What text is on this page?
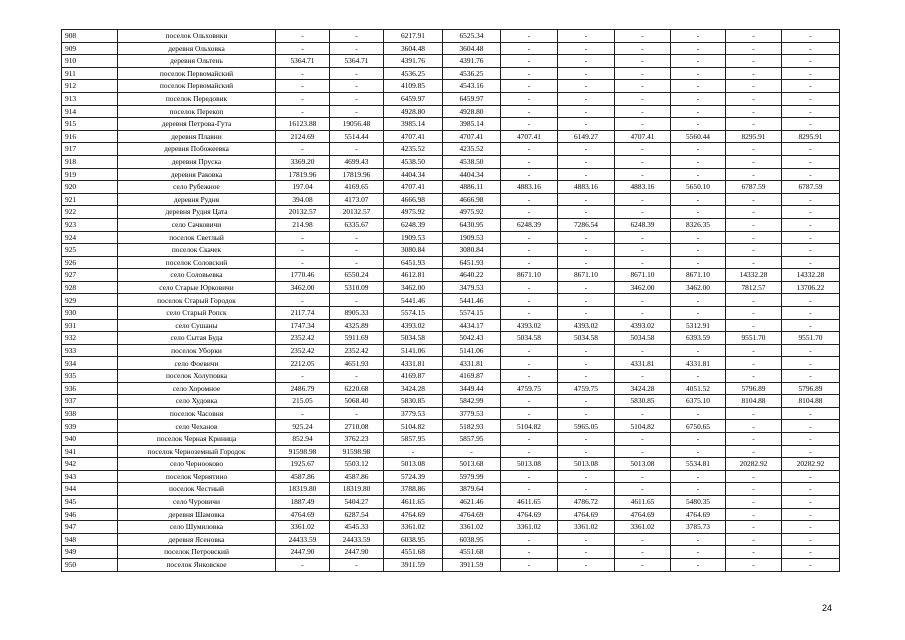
908	поселок Ольховики	-	-	6217.91	6525.34	-	-	-	-	-	-
909	деревня Ольховка	-	-	3604.48	3604.48	-	-	-	-	-	-
910	деревня Ольтень	5364.71	5364.71	4391.76	4391.76	-	-	-	-	-	-
911	поселок Первомайский	-	-	4536.25	4536.25	-	-	-	-	-	-
912	поселок Первомайский	-	-	4109.85	4543.16	-	-	-	-	-	-
913	поселок Передовик	-	-	6459.97	6459.97	-	-	-	-	-	-
914	поселок Перекоп	-	-	4928.80	4928.80	-	-	-	-	-	-
915	деревня Петрова-Гута	16123.88	19056.48	3985.14	3985.14	-	-	-	-	-	-
916	деревня Плавни	2124.69	5514.44	4707.41	4707.41	4707.41	6149.27	4707.41	5560.44	8295.91	8295.91
917	деревня Побожеевка	-	-	4235.52	4235.52	-	-	-	-	-	-
918	деревня Пруска	3369.20	4699.43	4538.50	4538.50	-	-	-	-	-	-
919	деревня Раковка	17819.96	17819.96	4404.34	4404.34	-	-	-	-	-	-
920	село Рубежное	197.04	4169.65	4707.41	4886.11	4883.16	4883.16	4883.16	5650.10	6787.59	6787.59
921	деревня Рудня	394.08	4173.07	4666.98	4666.98	-	-	-	-	-	-
922	деревня Рудня Цата	20132.57	20132.57	4975.92	4975.92	-	-	-	-	-	-
923	село Сачковичи	214.98	6335.67	6248.39	6430.95	6248.39	7286.54	6248.39	8326.35	-	-
924	поселок Светлый	-	-	1909.53	1909.53	-	-	-	-	-	-
925	поселок Скачек	-	-	3080.84	3080.84	-	-	-	-	-	-
926	поселок Соловский	-	-	6451.93	6451.93	-	-	-	-	-	-
927	село Соловьевка	1770.46	6550.24	4612.81	4640.22	8671.10	8671.10	8671.10	8671.10	14332.28	14332.28
928	село Старые Юрковичи	3462.00	5310.09	3462.00	3479.53	-	-	3462.00	3462.00	7812.57	13706.22
929	поселок Старый Городок	-	-	5441.46	5441.46	-	-	-	-	-	-
930	село Старый Ропск	2117.74	8905.33	5574.15	5574.15	-	-	-	-	-	-
931	село Сушаны	1747.34	4325.89	4393.02	4434.17	4393.02	4393.02	4393.02	5312.91	-	-
932	село Сытая Буда	2352.42	5911.69	5034.58	5042.43	5034.58	5034.58	5034.58	6393.59	9551.70	9551.70
933	поселок Уборки	2352.42	2352.42	5141.06	5141.06	-	-	-	-	-	-
934	село Фоевичи	2212.05	4651.93	4331.81	4331.81	-	-	4331.81	4331.81	-	-
935	поселок Холуповка	-	-	4169.87	4169.87	-	-	-	-	-	-
936	село Хоромное	2486.79	6220.68	3424.28	3449.44	4759.75	4759.75	3424.28	4051.52	5796.89	5796.89
937	село Худовка	215.05	5068.40	5830.85	5842.99	-	-	5830.85	6375.10	8104.88	8104.88
938	поселок Часовня	-	-	3779.53	3779.53	-	-	-	-	-	-
939	село Чеханов	925.24	2710.08	5104.82	5182.93	5104.82	5965.05	5104.82	6750.65	-	-
940	поселок Черная Криница	852.94	3762.23	5857.95	5857.95	-	-	-	-	-	-
941	поселок Черноземный Городок	91598.98	91598.98	-	-	-	-	-	-	-	-
942	село Чернооково	1925.67	5503.12	5013.08	5013.68	5013.08	5013.08	5013.08	5534.81	20282.92	20282.92
943	поселок Чернятино	4587.86	4587.86	5724.39	5979.99	-	-	-	-	-	-
944	поселок Честный	18319.80	18319.80	3788.86	3879.64	-	-	-	-	-	-
945	село Чуровичи	1887.49	5404.27	4611.65	4621.46	4611.65	4786.72	4611.65	5480.35	-	-
946	деревня Шамовка	4764.69	6287.54	4764.69	4764.69	4764.69	4764.69	4764.69	4764.69	-	-
947	село Шумиловка	3361.02	4545.33	3361.02	3361.02	3361.02	3361.02	3361.02	3785.73	-	-
948	деревня Ясеновка	24433.59	24433.59	6038.95	6038.95	-	-	-	-	-	-
949	поселок Петровский	2447.90	2447.90	4551.68	4551.68	-	-	-	-	-	-
950	поселок Янковское	-	-	3911.59	3911.59	-	-	-	-	-	-
24
